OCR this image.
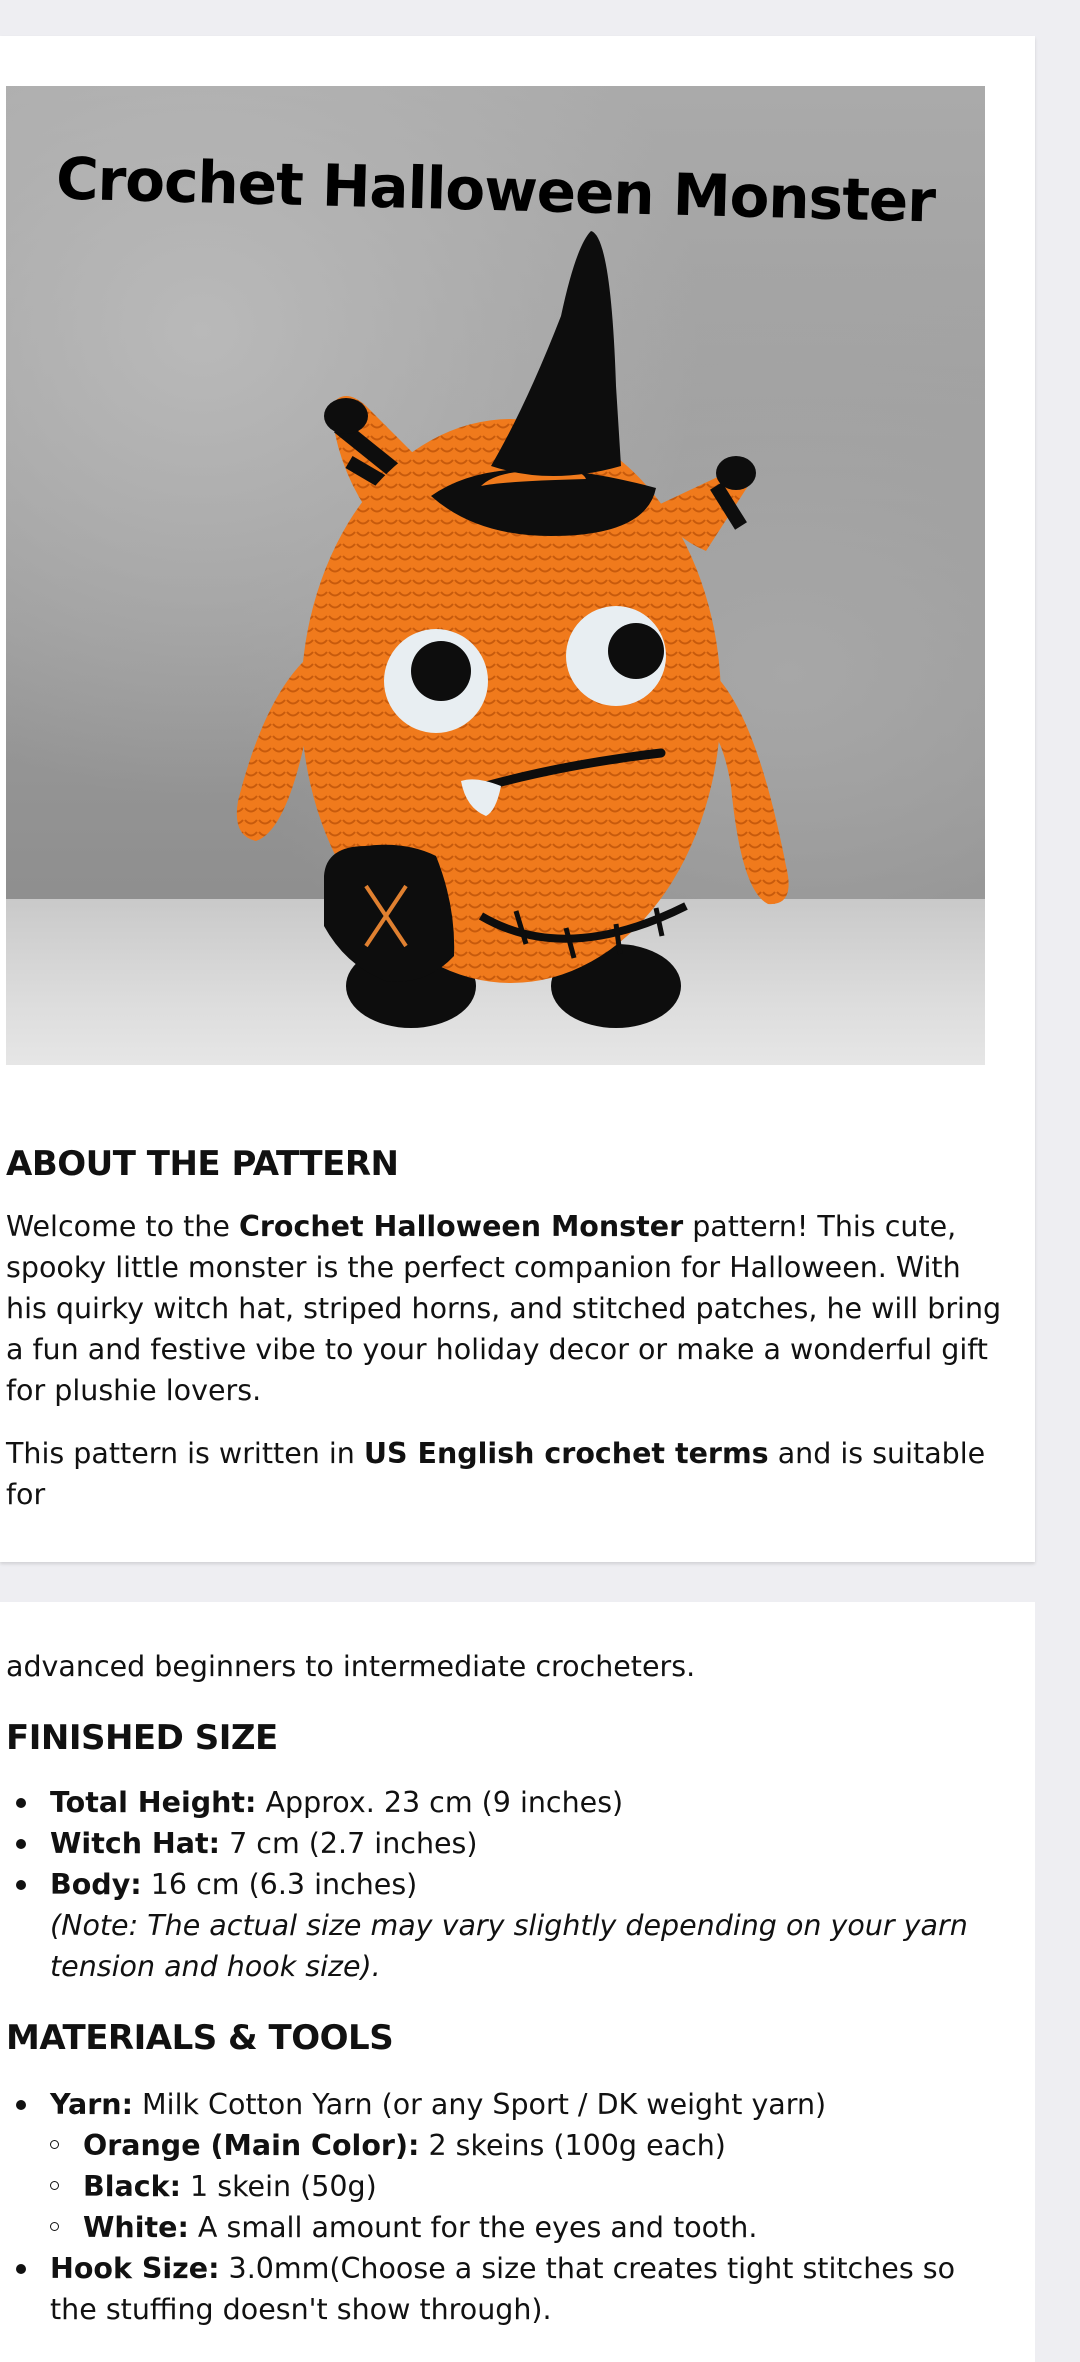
Crochet Halloween Monster
ABOUT THE PATTERN

Welcome to the Crochet Halloween Monster pattern! This cute, spooky little monster is the perfect companion for Halloween. With his quirky witch hat, striped horns, and stitched patches, he will bring a fun and festive vibe to your holiday decor or make a wonderful gift for plushie lovers.

This pattern is written in US English crochet terms and is suitable for

advanced beginners to intermediate crocheters.

FINISHED SIZE
Total Height: Approx. 23 cm (9 inches)
Witch Hat: 7 cm (2.7 inches)
Body: 16 cm (6.3 inches)
(Note: The actual size may vary slightly depending on your yarn tension and hook size).
MATERIALS & TOOLS
Yarn: Milk Cotton Yarn (or any Sport / DK weight yarn)
Orange (Main Color): 2 skeins (100g each)
Black: 1 skein (50g)
White: A small amount for the eyes and tooth.
Hook Size: 3.0mm(Choose a size that creates tight stitches so the stuffing doesn't show through).
